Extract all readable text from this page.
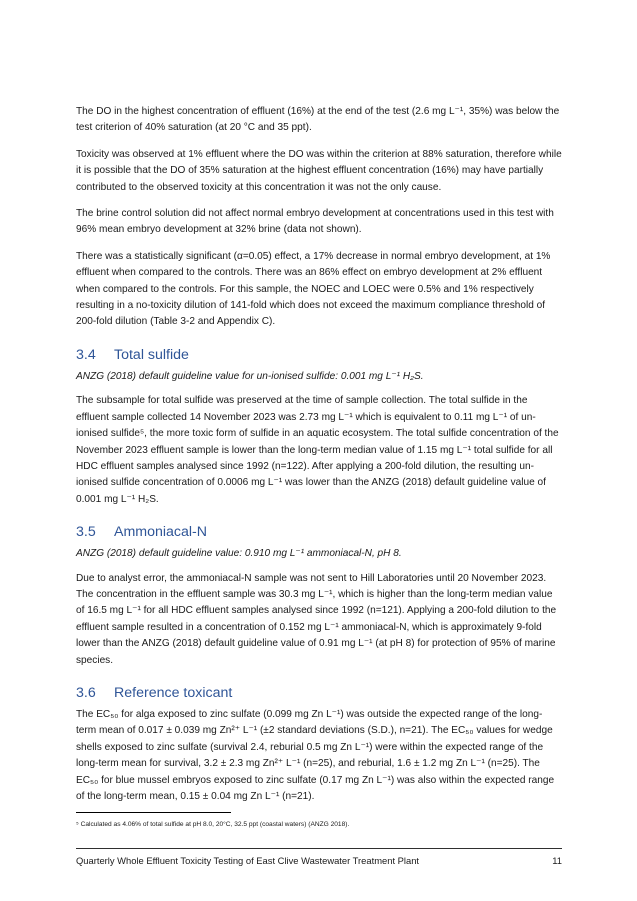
The DO in the highest concentration of effluent (16%) at the end of the test (2.6 mg L⁻¹, 35%) was below the test criterion of 40% saturation (at 20 °C and 35 ppt).

Toxicity was observed at 1% effluent where the DO was within the criterion at 88% saturation, therefore while it is possible that the DO of 35% saturation at the highest effluent concentration (16%) may have partially contributed to the observed toxicity at this concentration it was not the only cause.

The brine control solution did not affect normal embryo development at concentrations used in this test with 96% mean embryo development at 32% brine (data not shown).

There was a statistically significant (α=0.05) effect, a 17% decrease in normal embryo development, at 1% effluent when compared to the controls. There was an 86% effect on embryo development at 2% effluent when compared to the controls. For this sample, the NOEC and LOEC were 0.5% and 1% respectively resulting in a no-toxicity dilution of 141-fold which does not exceed the maximum compliance threshold of 200-fold dilution (Table 3-2 and Appendix C).

3.4 Total sulfide

ANZG (2018) default guideline value for un-ionised sulfide: 0.001 mg L⁻¹ H₂S.

The subsample for total sulfide was preserved at the time of sample collection. The total sulfide in the effluent sample collected 14 November 2023 was 2.73 mg L⁻¹ which is equivalent to 0.11 mg L⁻¹ of un-ionised sulfide⁵, the more toxic form of sulfide in an aquatic ecosystem. The total sulfide concentration of the November 2023 effluent sample is lower than the long-term median value of 1.15 mg L⁻¹ total sulfide for all HDC effluent samples analysed since 1992 (n=122). After applying a 200-fold dilution, the resulting un-ionised sulfide concentration of 0.0006 mg L⁻¹ was lower than the ANZG (2018) default guideline value of 0.001 mg L⁻¹ H₂S.

3.5 Ammoniacal-N

ANZG (2018) default guideline value: 0.910 mg L⁻¹ ammoniacal-N, pH 8.

Due to analyst error, the ammoniacal-N sample was not sent to Hill Laboratories until 20 November 2023. The concentration in the effluent sample was 30.3 mg L⁻¹, which is higher than the long-term median value of 16.5 mg L⁻¹ for all HDC effluent samples analysed since 1992 (n=121). Applying a 200-fold dilution to the effluent sample resulted in a concentration of 0.152 mg L⁻¹ ammoniacal-N, which is approximately 9-fold lower than the ANZG (2018) default guideline value of 0.91 mg L⁻¹ (at pH 8) for protection of 95% of marine species.

3.6 Reference toxicant

The EC₅₀ for alga exposed to zinc sulfate (0.099 mg Zn L⁻¹) was outside the expected range of the long-term mean of 0.017 ± 0.039 mg Zn²⁺ L⁻¹ (±2 standard deviations (S.D.), n=21). The EC₅₀ values for wedge shells exposed to zinc sulfate (survival 2.4, reburial 0.5 mg Zn L⁻¹) were within the expected range of the long-term mean for survival, 3.2 ± 2.3 mg Zn²⁺ L⁻¹ (n=25), and reburial, 1.6 ± 1.2 mg Zn L⁻¹ (n=25). The EC₅₀ for blue mussel embryos exposed to zinc sulfate (0.17 mg Zn L⁻¹) was also within the expected range of the long-term mean, 0.15 ± 0.04 mg Zn L⁻¹ (n=21).

⁵ Calculated as 4.06% of total sulfide at pH 8.0, 20°C, 32.5 ppt (coastal waters) (ANZG 2018).
Quarterly Whole Effluent Toxicity Testing of East Clive Wastewater Treatment Plant	11
